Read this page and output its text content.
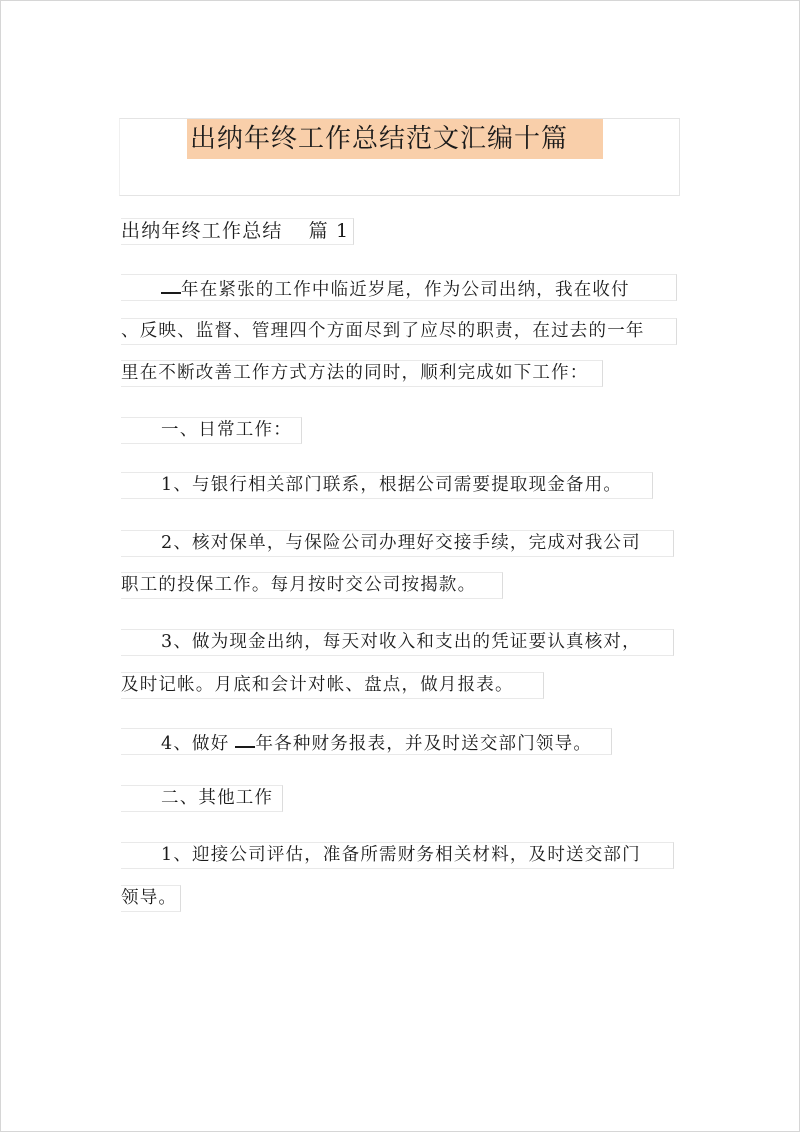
出纳年终工作总结范文汇编十篇
出纳年终工作总结 篇 1
年在紧张的工作中临近岁尾，作为公司出纳，我在收付
、反映、监督、管理四个方面尽到了应尽的职责，在过去的一年
里在不断改善工作方式方法的同时，顺利完成如下工作：
一、日常工作：
1、与银行相关部门联系，根据公司需要提取现金备用。
2、核对保单，与保险公司办理好交接手续，完成对我公司
职工的投保工作。每月按时交公司按揭款。
3、做为现金出纳，每天对收入和支出的凭证要认真核对，
及时记帐。月底和会计对帐、盘点，做月报表。
4、做好 年各种财务报表，并及时送交部门领导。
二、其他工作
1、迎接公司评估，准备所需财务相关材料，及时送交部门
领导。
